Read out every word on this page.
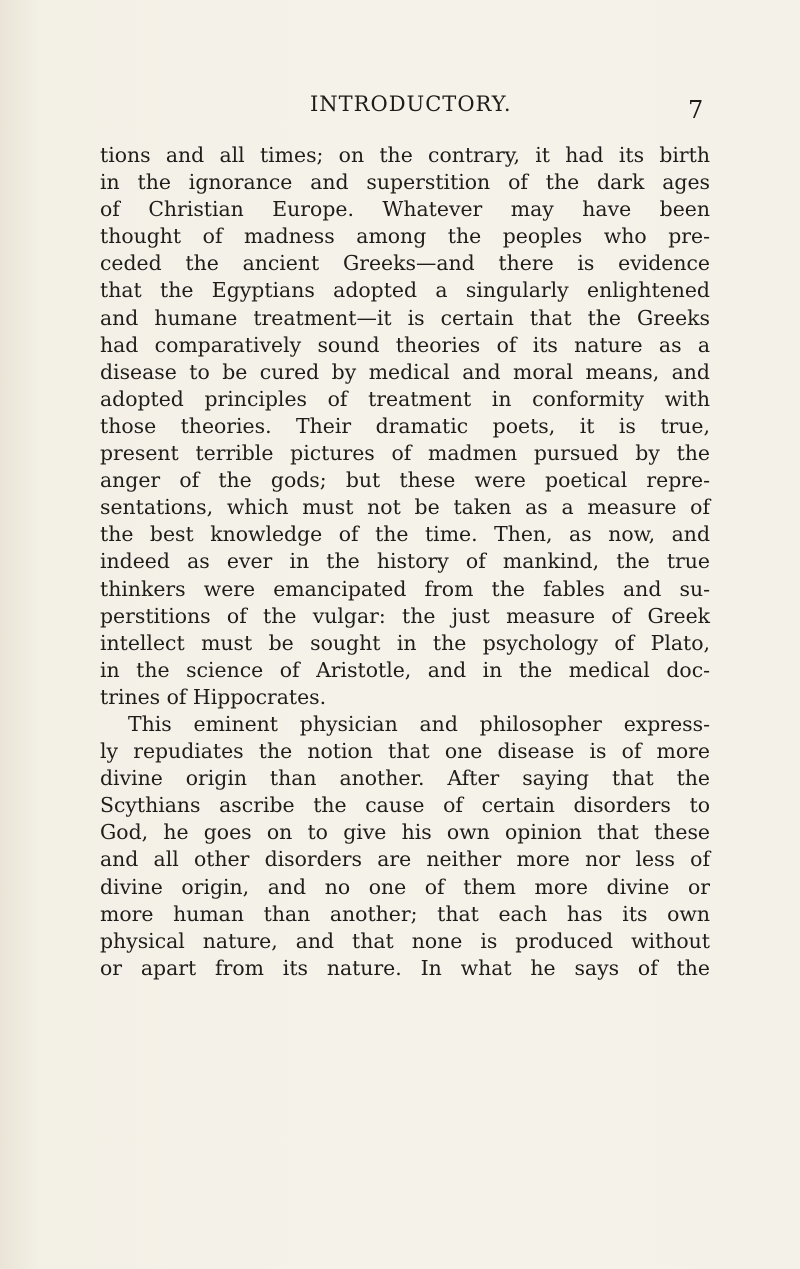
INTRODUCTORY.	7
tions and all times; on the contrary, it had its birth
in the ignorance and superstition of the dark ages
of Christian Europe. Whatever may have been
thought of madness among the peoples who pre-
ceded the ancient Greeks—and there is evidence
that the Egyptians adopted a singularly enlightened
and humane treatment—it is certain that the Greeks
had comparatively sound theories of its nature as a
disease to be cured by medical and moral means, and
adopted principles of treatment in conformity with
those theories. Their dramatic poets, it is true,
present terrible pictures of madmen pursued by the
anger of the gods; but these were poetical repre-
sentations, which must not be taken as a measure of
the best knowledge of the time. Then, as now, and
indeed as ever in the history of mankind, the true
thinkers were emancipated from the fables and su-
perstitions of the vulgar: the just measure of Greek
intellect must be sought in the psychology of Plato,
in the science of Aristotle, and in the medical doc-
trines of Hippocrates.
This eminent physician and philosopher express-
ly repudiates the notion that one disease is of more
divine origin than another. After saying that the
Scythians ascribe the cause of certain disorders to
God, he goes on to give his own opinion that these
and all other disorders are neither more nor less of
divine origin, and no one of them more divine or
more human than another; that each has its own
physical nature, and that none is produced without
or apart from its nature. In what he says of the
